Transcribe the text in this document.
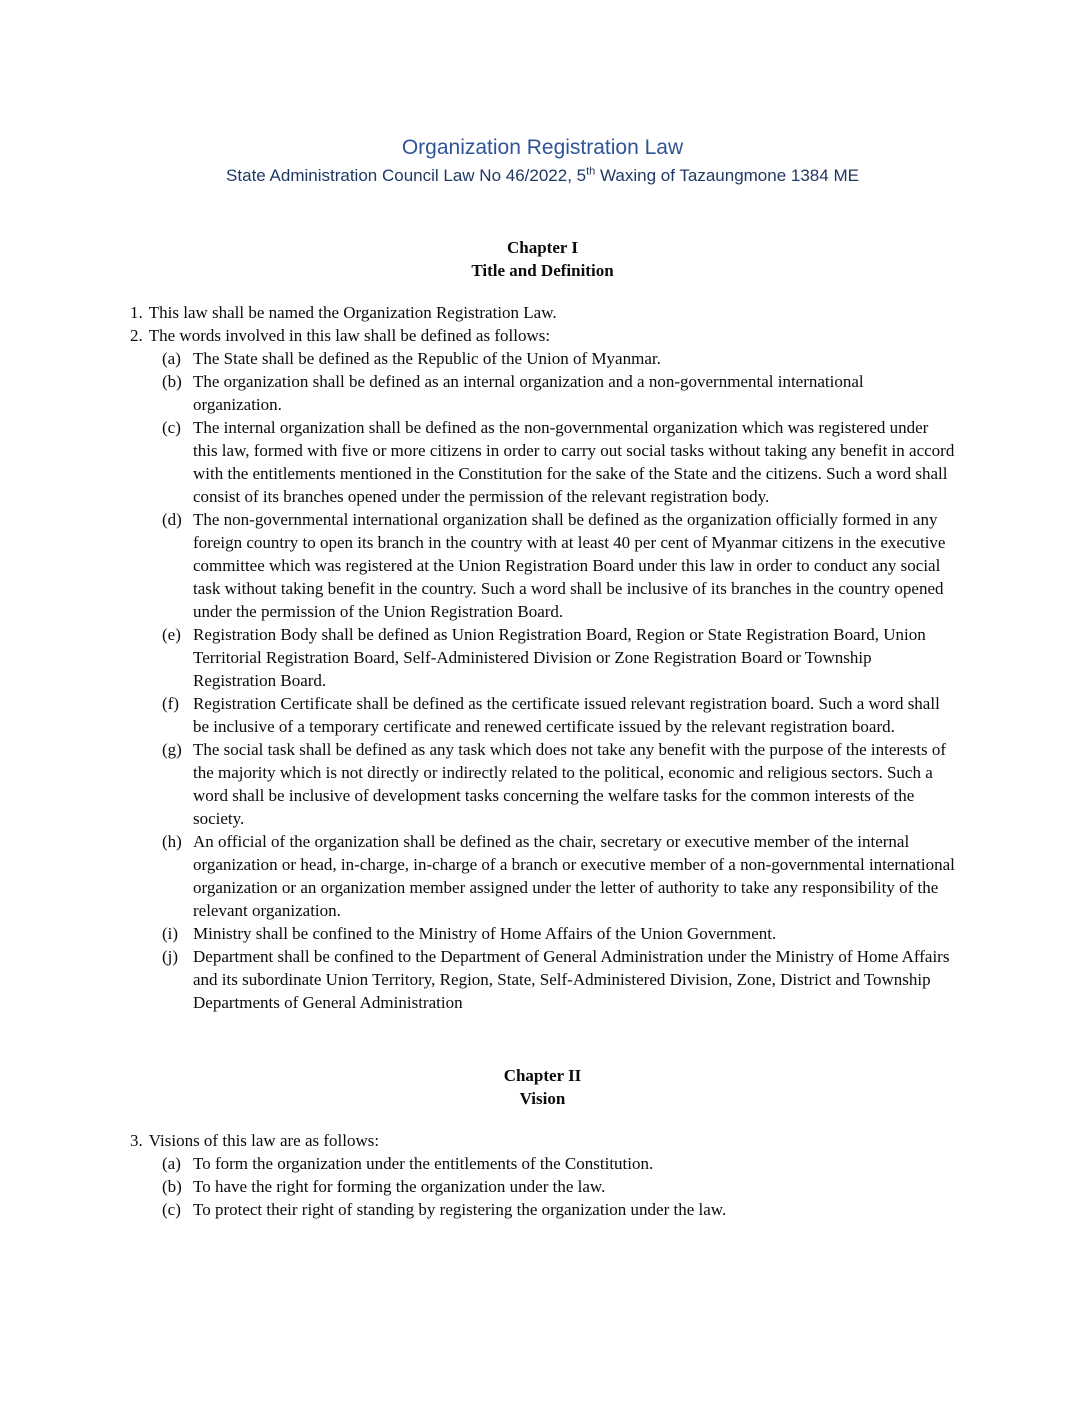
Organization Registration Law
State Administration Council Law No 46/2022, 5th Waxing of Tazaungmone 1384 ME
Chapter I
Title and Definition
1. This law shall be named the Organization Registration Law.
2. The words involved in this law shall be defined as follows:
(a) The State shall be defined as the Republic of the Union of Myanmar.
(b) The organization shall be defined as an internal organization and a non-governmental international organization.
(c) The internal organization shall be defined as the non-governmental organization which was registered under this law, formed with five or more citizens in order to carry out social tasks without taking any benefit in accord with the entitlements mentioned in the Constitution for the sake of the State and the citizens. Such a word shall consist of its branches opened under the permission of the relevant registration body.
(d) The non-governmental international organization shall be defined as the organization officially formed in any foreign country to open its branch in the country with at least 40 per cent of Myanmar citizens in the executive committee which was registered at the Union Registration Board under this law in order to conduct any social task without taking benefit in the country. Such a word shall be inclusive of its branches in the country opened under the permission of the Union Registration Board.
(e) Registration Body shall be defined as Union Registration Board, Region or State Registration Board, Union Territorial Registration Board, Self-Administered Division or Zone Registration Board or Township Registration Board.
(f) Registration Certificate shall be defined as the certificate issued relevant registration board. Such a word shall be inclusive of a temporary certificate and renewed certificate issued by the relevant registration board.
(g) The social task shall be defined as any task which does not take any benefit with the purpose of the interests of the majority which is not directly or indirectly related to the political, economic and religious sectors. Such a word shall be inclusive of development tasks concerning the welfare tasks for the common interests of the society.
(h) An official of the organization shall be defined as the chair, secretary or executive member of the internal organization or head, in-charge, in-charge of a branch or executive member of a non-governmental international organization or an organization member assigned under the letter of authority to take any responsibility of the relevant organization.
(i) Ministry shall be confined to the Ministry of Home Affairs of the Union Government.
(j) Department shall be confined to the Department of General Administration under the Ministry of Home Affairs and its subordinate Union Territory, Region, State, Self-Administered Division, Zone, District and Township Departments of General Administration
Chapter II
Vision
3. Visions of this law are as follows:
(a) To form the organization under the entitlements of the Constitution.
(b) To have the right for forming the organization under the law.
(c) To protect their right of standing by registering the organization under the law.
